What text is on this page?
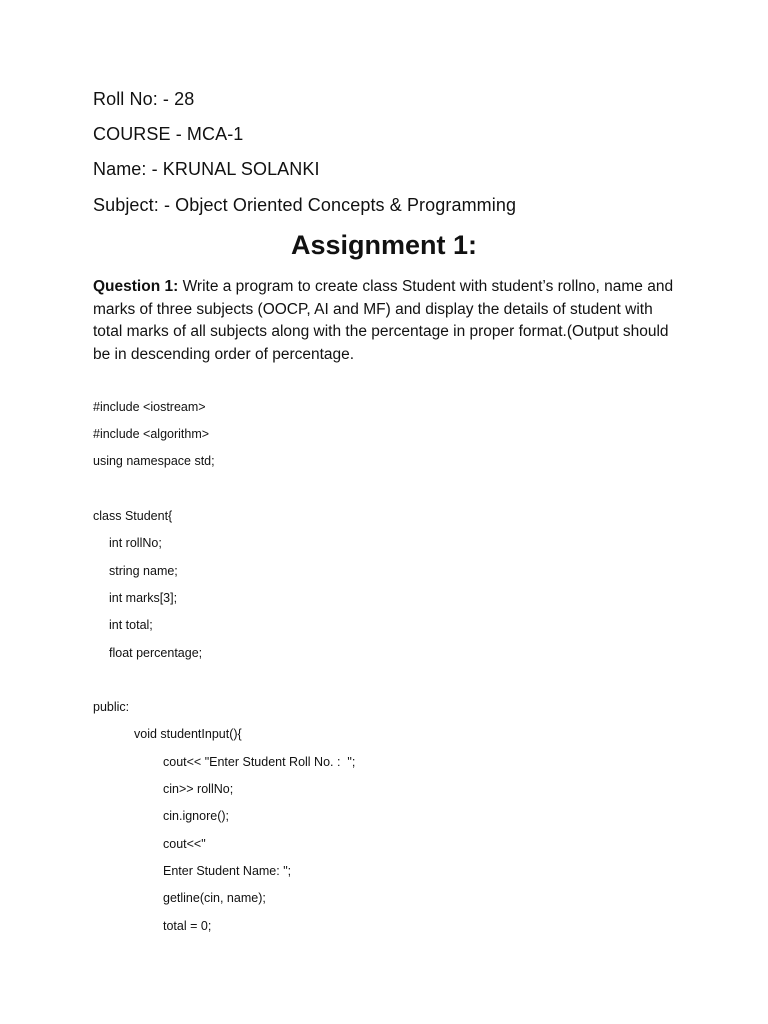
Roll No: - 28
COURSE - MCA-1
Name: - KRUNAL SOLANKI
Subject: - Object Oriented Concepts & Programming
Assignment 1:
Question 1: Write a program to create class Student with student’s rollno, name and marks of three subjects (OOCP, AI and MF) and display the details of student with total marks of all subjects along with the percentage in proper format.(Output should be in descending order of percentage.
#include <iostream>
#include <algorithm>
using namespace std;
class Student{
int rollNo;
string name;
int marks[3];
int total;
float percentage;
public:
void studentInput(){
cout<< "Enter Student Roll No. :  ";
cin>> rollNo;
cin.ignore();
cout<<"
Enter Student Name: ";
getline(cin, name);
total = 0;
